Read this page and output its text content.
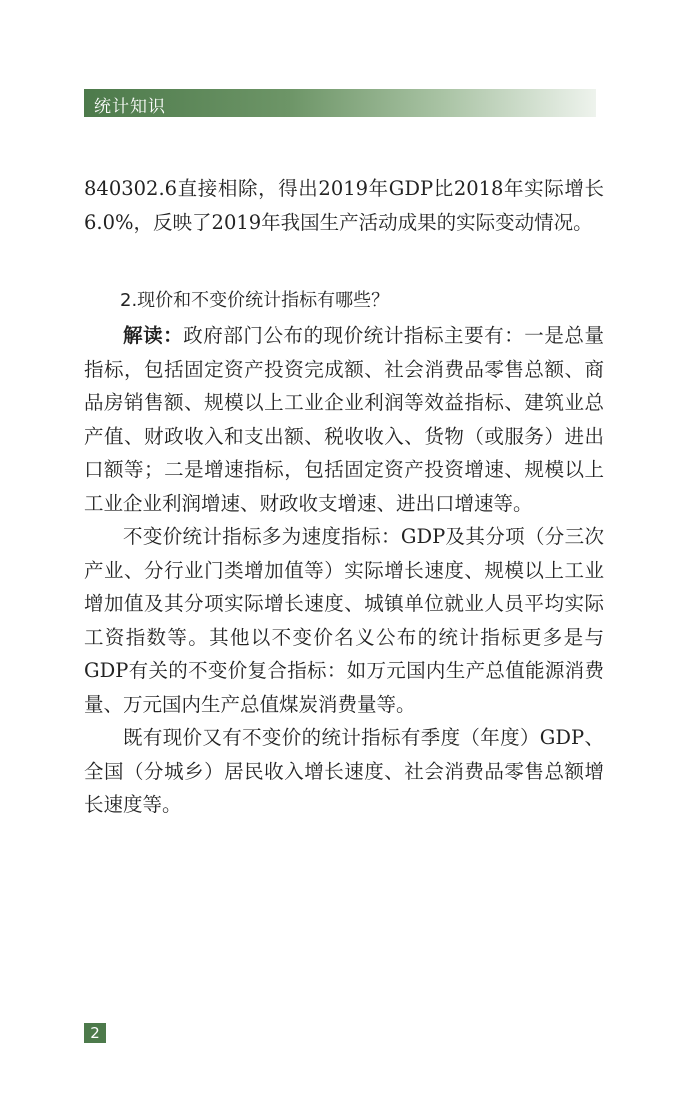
统计知识

840302.6直接相除，得出2019年GDP比2018年实际增长6.0%，反映了2019年我国生产活动成果的实际变动情况。

2.现价和不变价统计指标有哪些？

解读：政府部门公布的现价统计指标主要有：一是总量指标，包括固定资产投资完成额、社会消费品零售总额、商品房销售额、规模以上工业企业利润等效益指标、建筑业总产值、财政收入和支出额、税收收入、货物（或服务）进出口额等；二是增速指标，包括固定资产投资增速、规模以上工业企业利润增速、财政收支增速、进出口增速等。

不变价统计指标多为速度指标：GDP及其分项（分三次产业、分行业门类增加值等）实际增长速度、规模以上工业增加值及其分项实际增长速度、城镇单位就业人员平均实际工资指数等。其他以不变价名义公布的统计指标更多是与GDP有关的不变价复合指标：如万元国内生产总值能源消费量、万元国内生产总值煤炭消费量等。

既有现价又有不变价的统计指标有季度（年度）GDP、全国（分城乡）居民收入增长速度、社会消费品零售总额增长速度等。

2
